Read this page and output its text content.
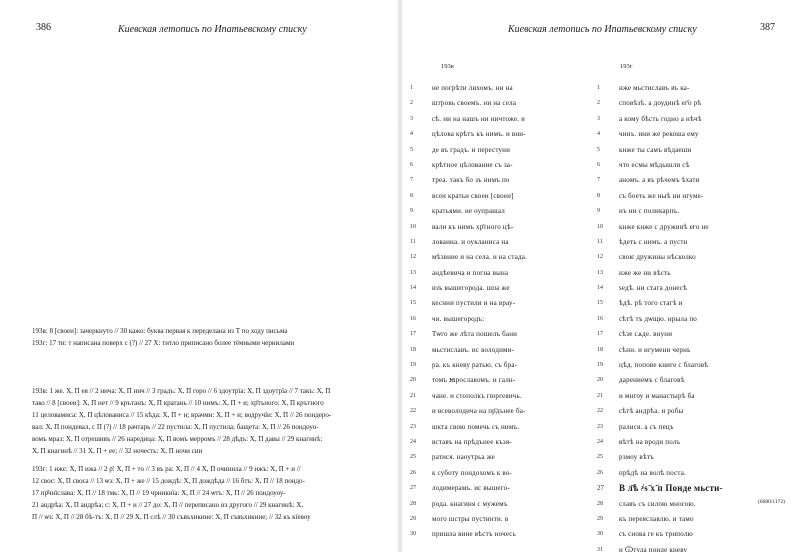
386	Киевская летопись по Ипатьевскому списку
193в: 8 [своеи]: зачеркнуто // 30 кажо: буква первая к переделана из Т по ходу письма
193г: 17 ти: т написана поверх с (?) // 27 Х: титло приписано более тёмными чернилами
193в: 1 же. Х, П ея // 2 нича: Х, П нич // 3 градъ: Х, П горо // 6 здоутрїа: Х, П здоутрїа // 7 такъ: Х, П
тако // 8 [своеи]: Х, П нет // 9 крътанъ: Х, П кратань // 10 нимъ: Х, П + и; хр҃тъного: Х, П крътного
11 целовамиса: Х, П цѣлованиса // 15 кѣда: Х, П + и; врачми: Х, П + и; водручїи: Х, П // 26 пондеро-
вал: Х, П пондевал, с П (?) // 18 рачтарь // 22 пустила: Х, П пустила; бащета: Х, П // 26 пондоуо-
вомъ мраз: Х, П отрешивъ // 26 наредица: Х, П вомъ мерромъ // 28 дѣдъ: Х, П давы // 29 кнагинѣ:
Х, П кнагинѣ // 31 Х, П + ее; // 32 ночесть: Х, П ночи сии
193г: 1 ижє: Х, П ижа // 2 р҃: Х, П + то // 3 въ ра: Х, П // 4 Х, П очинила // 9 ижъ: Х, П + и //
12 своє: Х, П своєа // 13 ѡз: Х, П + же // 15 дождѣ: Х, П дождѣда // 16 бтъ: Х, П // 18 пондо-
17 пр҃чнїслава: Х, П // 18 тмь: Х, П // 19 чрникиїа: Х, П // 24 ѡтъ: Х, П // 26 пондоуоу-
21 андрѣа: Х, П андрѣа; с: Х, П + и // 27 до: Х, П // переписано из другого // 29 кнагинѣ: Х,
П // ѡз: Х, П // 28 бѣ-тъ: Х, П // 29 Х, П слѣ // 30 съвъхикине: Х, П съвъхикине; // 32 къ кїевоу
Киевская летопись по Ипатьевскому списку	387
193в	193г
1	не погрѣти лихомъ. ни на
2	штровь своемъ. ни на села
3	сѣ. ни на нашъ ни ничтоже. и
4	цѣлова крѣтъ къ нимъ. и вни-
5	де въ градъ. и перестуни
6	крѣтное цѣлование съ за-
7	треа. такъ бо зъ нимъ по
8	всеи кратьи своеи [своеи]
9	кратьями. не оупрашал
10	вали къ нимъ хр҃тного цѣ-
11	лованна. и оукланиса на
12	мѣзвние и на села. и на стада.
13	андѣевича и погна вына
14	изъ вышегорода. шпа же
15	кеснни пустили и на врау-
16	чи. вышегородъ:
17	Тѡго же лѣта пошелъ бани
18	мьстиславъ. ис володими-
19	ра. къ кневу ратью. съ бра-
20	томъ ꙗрославомъ. и галн-
21	чане. и стополкъ гюргевичь.
22	и всеволодича на пр҃дънее ба-
23	шкта свою помечь съ нимъ.
24	вставъ на прѣдънее къзя-
25	ратися. наоутрьа же
26	к суботу пондохомъ к во-
27	лодимерамъ. ис вышего-
28	рода. кнагиня с мужемъ
29	мого шстры пустинти. в
30	пришла вине вѣстъ ночесь
1	нже мьстиславъ въ ка-
2	сповѣзѣ. а доудинѣ ег҃о рѣ
3	а кому бѣсть годно а нѣчѣ
4	чинъ. ини же рекоша ему
5	кнже ты самъ вѣдаеши
6	что есмы мѣдышли сѣ
7	аномъ. а въ рѣчемъ ѣхати
8	съ боеть же ныѣ ни нгуме-
9	нъ ни с поликарпъ.
10	кнже кнже с дружинѣ его не
11	ѣдеть с нимъ. а пустн
12	своѥ дружины нѣсколко
13	нже же ни вѣсть
14	ѕедѣ. ни стага донесѣ
15	ѣдѣ. рѣ того стагѣ и
16	сѣтѣ тъ дѡщю. нрыла по
17	сѣзе сѧде. внуни
18	сѣнн. и игумени чернь
19	цѣд. попове книге с благовѣ
20	дарениемъ с благовѣ
21	и мнгоу и манастырѣ ба
22	сѣтѣ андрѣа. и робы
23	ралися. а съ пецъ
24	вѣтѣ на вроди полъ
25	рзмоу вѣтъ
26	прѣдѣ на волѣ поста.
27	В л҃ѣ ҂ѕ ҃х ҃п Понде мьсти-
28	славъ съ силою многою.
29	къ переяславлю. и тамо
30	съ снова ге къ триполю
31	и Ѿтуда понде кневу
(6680/1172)
